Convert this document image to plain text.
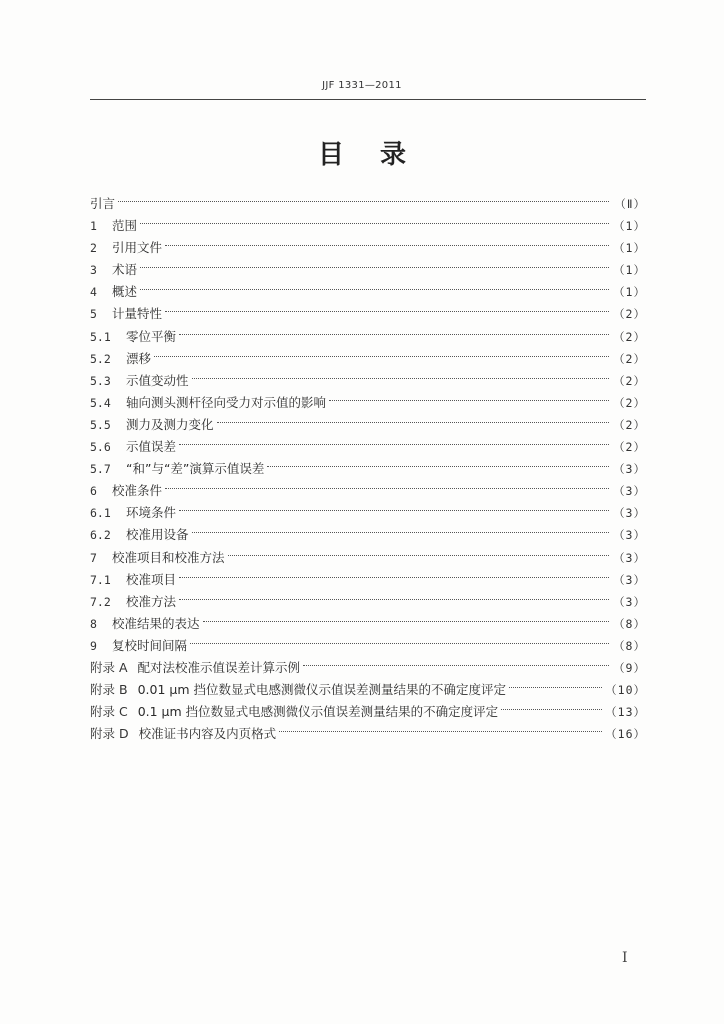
JJF 1331—2011
目录
引言	（Ⅱ）
1	范围	（1）
2	引用文件	（1）
3	术语	（1）
4	概述	（1）
5	计量特性	（2）
5.1	零位平衡	（2）
5.2	漂移	（2）
5.3	示值变动性	（2）
5.4	轴向测头测杆径向受力对示值的影响	（2）
5.5	测力及测力变化	（2）
5.6	示值误差	（2）
5.7	“和”与“差”演算示值误差	（3）
6	校准条件	（3）
6.1	环境条件	（3）
6.2	校准用设备	（3）
7	校准项目和校准方法	（3）
7.1	校准项目	（3）
7.2	校准方法	（3）
8	校准结果的表达	（8）
9	复校时间间隔	（8）
附录 A 配对法校准示值误差计算示例	（9）
附录 B 0.01 μm 挡位数显式电感测微仪示值误差测量结果的不确定度评定	（10）
附录 C 0.1 μm 挡位数显式电感测微仪示值误差测量结果的不确定度评定	（13）
附录 D 校准证书内容及内页格式	（16）
Ⅰ
